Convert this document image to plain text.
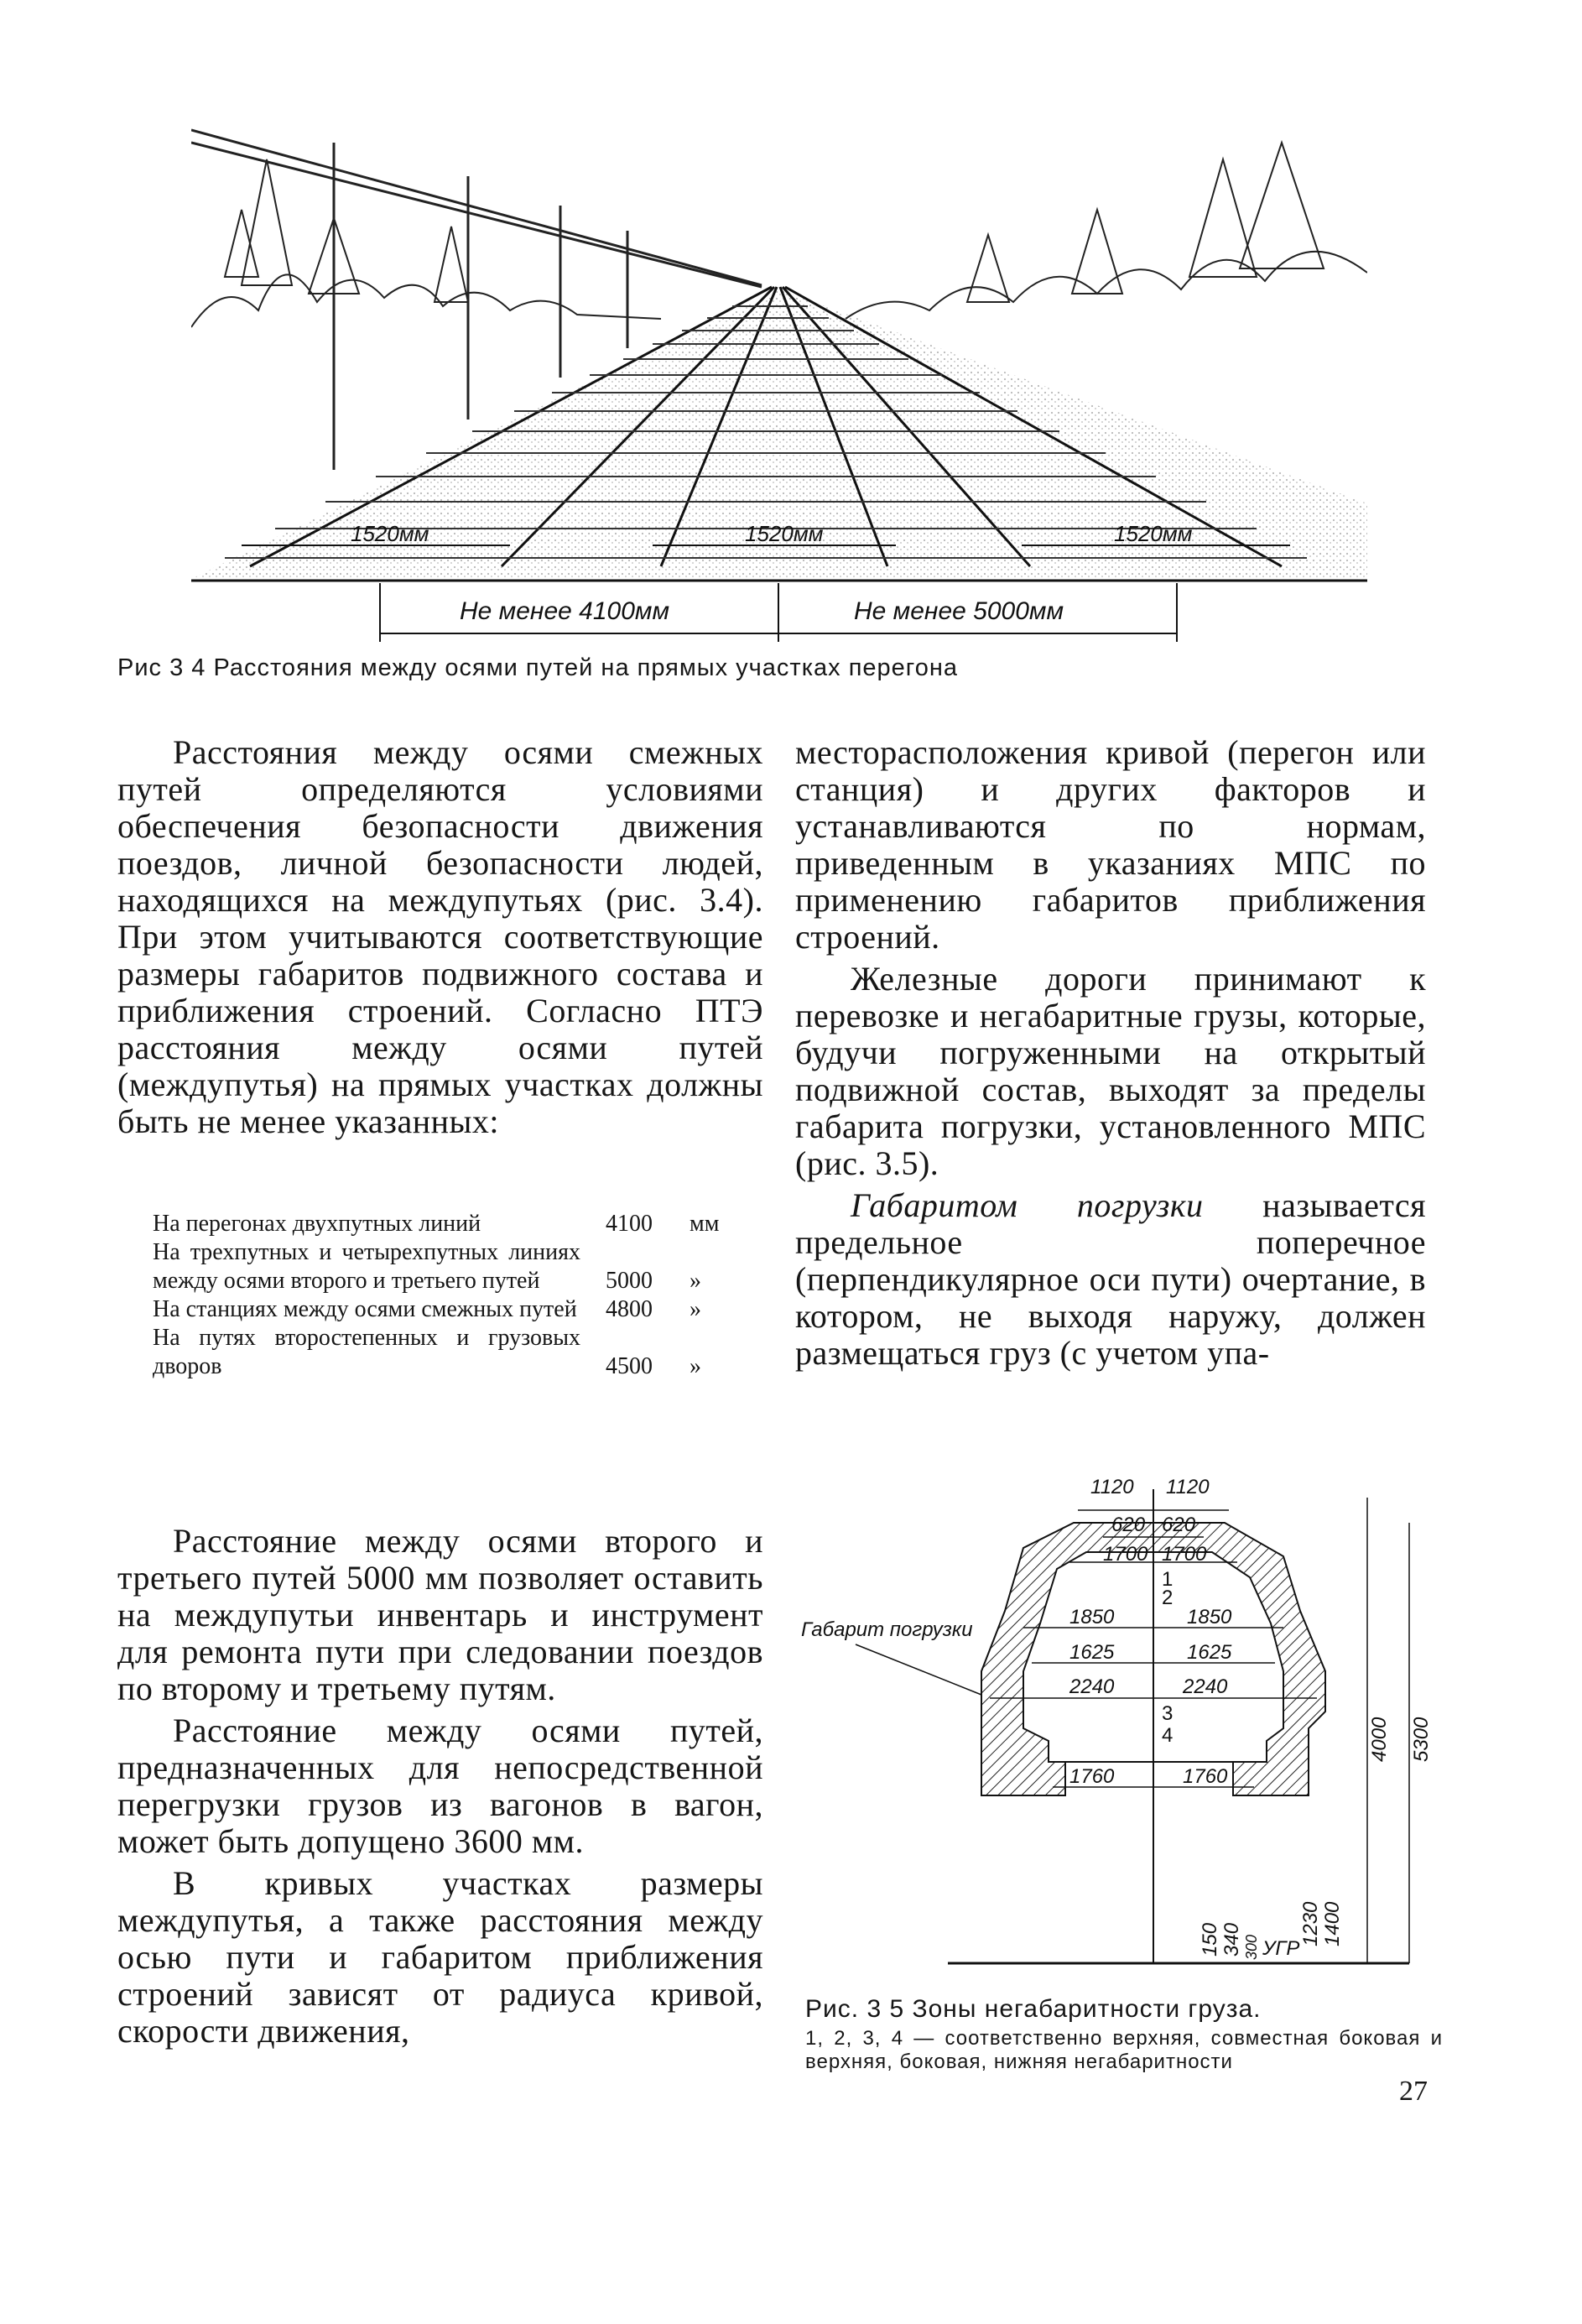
1520мм	1520мм	1520мм
Не менее 4100мм	Не менее 5000мм
Рис 3 4 Расстояния между осями путей на прямых участках перегона

Расстояния между осями смежных путей определяются условиями обеспечения безопасности движения поездов, личной безопасности людей, находящихся на междупутьях (рис. 3.4). При этом учитываются соответствующие размеры габаритов подвижного состава и приближения строений. Согласно ПТЭ расстояния между осями путей (междупутья) на прямых участках должны быть не менее указанных:

На перегонах двухпутных линий	4100 мм
На трехпутных и четырехпутных линиях между осями второго и третьего путей	5000 »
На станциях между осями смежных путей 4800 »
На путях второстепенных и грузовых дворов	4500 »

Расстояние между осями второго и третьего путей 5000 мм позволяет оставить на междупутьи инвентарь и инструмент для ремонта пути при следовании поездов по второму и третьему путям.

Расстояние между осями путей, предназначенных для непосредственной перегрузки грузов из вагонов в вагон, может быть допущено 3600 мм.

В кривых участках размеры междупутья, а также расстояния между осью пути и габаритом приближения строений зависят от радиуса кривой, скорости движения,

месторасположения кривой (перегон или станция) и других факторов и устанавливаются по нормам, приведенным в указаниях МПС по применению габаритов приближения строений.

Железные дороги принимают к перевозке и негабаритные грузы, которые, будучи погруженными на открытый подвижной состав, выходят за пределы габарита погрузки, установленного МПС (рис. 3.5).

Габаритом погрузки называется предельное поперечное (перпендикулярное оси пути) очертание, в котором, не выходя наружу, должен размещаться груз (с учетом упа-

1120 1120
620 620
1700 1700
1850	1850
1625	1625
2240	2240
1760	1760
4000 5300
1230 1400
150 340 300 УГР
1
2
3
4
Габарит погрузки
Рис. 3 5 Зоны негабаритности груза.
1, 2, 3, 4 — соответственно верхняя, совместная боковая и верхняя, боковая, нижняя негабаритности
27
